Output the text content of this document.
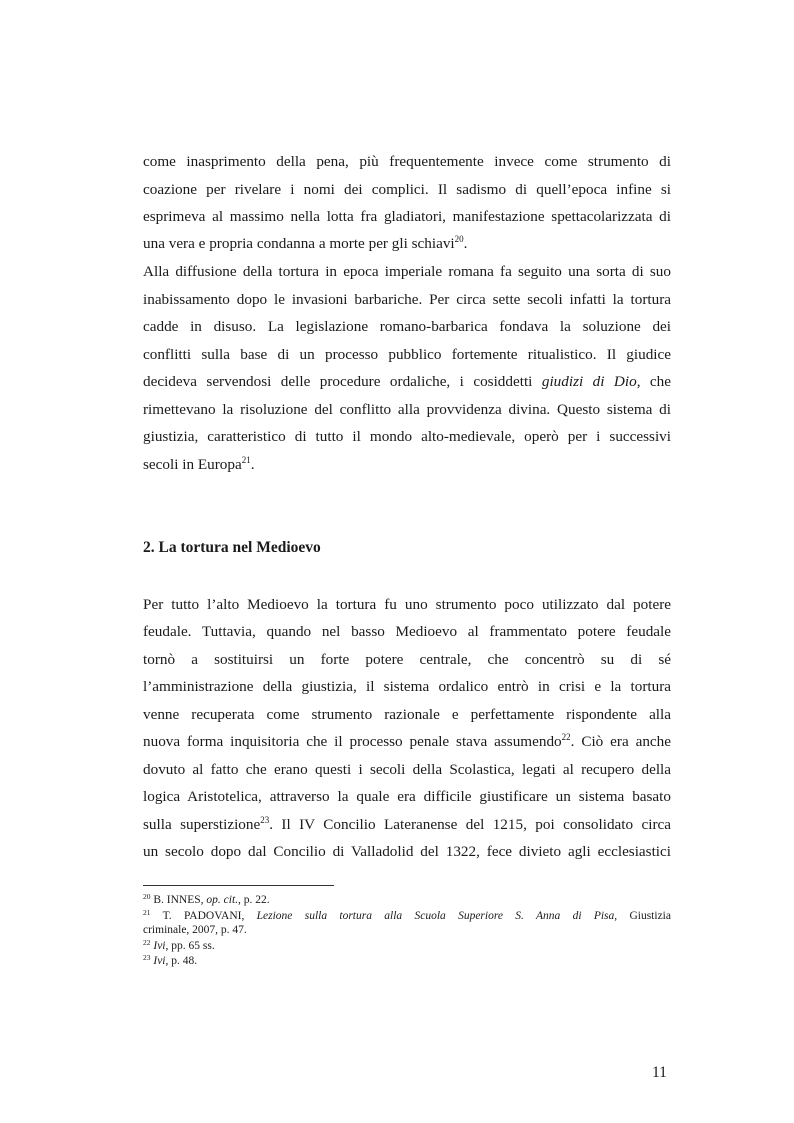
come inasprimento della pena, più frequentemente invece come strumento di
coazione per rivelare i nomi dei complici. Il sadismo di quell’epoca infine si
esprimeva al massimo nella lotta fra gladiatori, manifestazione spettacolarizzata di
una vera e propria condanna a morte per gli schiavi$^{20}$.
Alla diffusione della tortura in epoca imperiale romana fa seguito una sorta di suo
inabissamento dopo le invasioni barbariche. Per circa sette secoli infatti la tortura
cadde in disuso. La legislazione romano-barbarica fondava la soluzione dei
conflitti sulla base di un processo pubblico fortemente ritualistico. Il giudice
decideva servendosi delle procedure ordaliche, i cosiddetti giudizi di Dio, che
rimettevano la risoluzione del conflitto alla provvidenza divina. Questo sistema di
giustizia, caratteristico di tutto il mondo alto-medievale, operò per i successivi
secoli in Europa$^{21}$.
2. La tortura nel Medioevo
Per tutto l’alto Medioevo la tortura fu uno strumento poco utilizzato dal potere
feudale. Tuttavia, quando nel basso Medioevo al frammentato potere feudale
tornò a sostituirsi un forte potere centrale, che concentrò su di sé
l’amministrazione della giustizia, il sistema ordalico entrò in crisi e la tortura
venne recuperata come strumento razionale e perfettamente rispondente alla
nuova forma inquisitoria che il processo penale stava assumendo$^{22}$. Ciò era anche
dovuto al fatto che erano questi i secoli della Scolastica, legati al recupero della
logica Aristotelica, attraverso la quale era difficile giustificare un sistema basato
sulla superstizione$^{23}$. Il IV Concilio Lateranense del 1215, poi consolidato circa
un secolo dopo dal Concilio di Valladolid del 1322, fece divieto agli ecclesiastici
$^{20}$ B. INNES, op. cit., p. 22.
$^{21}$ T. PADOVANI, Lezione sulla tortura alla Scuola Superiore S. Anna di Pisa, Giustizia
criminale, 2007, p. 47.
$^{22}$ Ivi, pp. 65 ss.
$^{23}$ Ivi, p. 48.
11
